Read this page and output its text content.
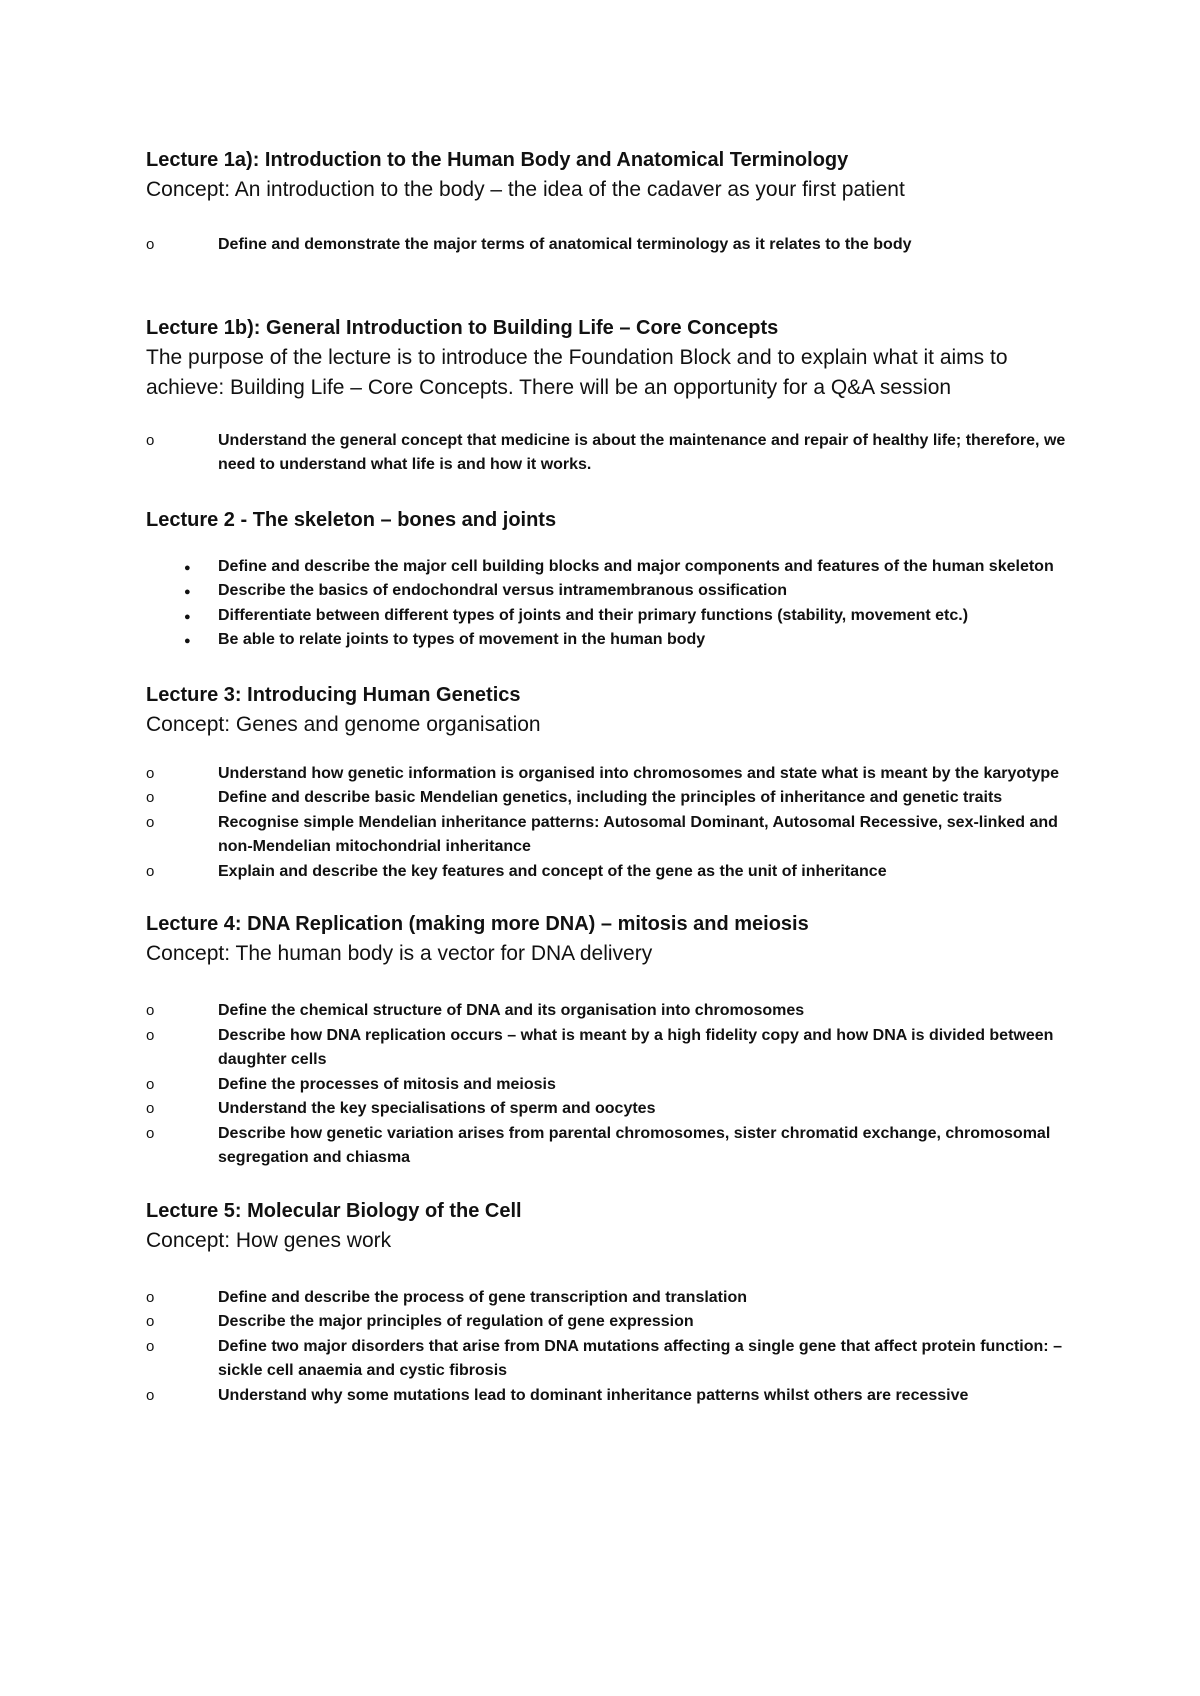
Lecture 1a): Introduction to the Human Body and Anatomical Terminology

Concept: An introduction to the body – the idea of the cadaver as your first patient

o	Define and demonstrate the major terms of anatomical terminology as it relates to the body

Lecture 1b): General Introduction to Building Life – Core Concepts

The purpose of the lecture is to introduce the Foundation Block and to explain what it aims to achieve: Building Life – Core Concepts. There will be an opportunity for a Q&A session

o	Understand the general concept that medicine is about the maintenance and repair of healthy life; therefore, we need to understand what life is and how it works.

Lecture 2 - The skeleton – bones and joints

● Define and describe the major cell building blocks and major components and features of the human skeleton
● Describe the basics of endochondral versus intramembranous ossification
● Differentiate between different types of joints and their primary functions (stability, movement etc.)
● Be able to relate joints to types of movement in the human body

Lecture 3: Introducing Human Genetics

Concept: Genes and genome organisation

o	Understand how genetic information is organised into chromosomes and state what is meant by the karyotype
o	Define and describe basic Mendelian genetics, including the principles of inheritance and genetic traits
o	Recognise simple Mendelian inheritance patterns: Autosomal Dominant, Autosomal Recessive, sex-linked and non-Mendelian mitochondrial inheritance
o	Explain and describe the key features and concept of the gene as the unit of inheritance

Lecture 4: DNA Replication (making more DNA) – mitosis and meiosis

Concept: The human body is a vector for DNA delivery

o	Define the chemical structure of DNA and its organisation into chromosomes
o	Describe how DNA replication occurs – what is meant by a high fidelity copy and how DNA is divided between daughter cells
o	Define the processes of mitosis and meiosis
o	Understand the key specialisations of sperm and oocytes
o	Describe how genetic variation arises from parental chromosomes, sister chromatid exchange, chromosomal segregation and chiasma

Lecture 5: Molecular Biology of the Cell

Concept: How genes work

o	Define and describe the process of gene transcription and translation
o	Describe the major principles of regulation of gene expression
o	Define two major disorders that arise from DNA mutations affecting a single gene that affect protein function: – sickle cell anaemia and cystic fibrosis
o	Understand why some mutations lead to dominant inheritance patterns whilst others are recessive
